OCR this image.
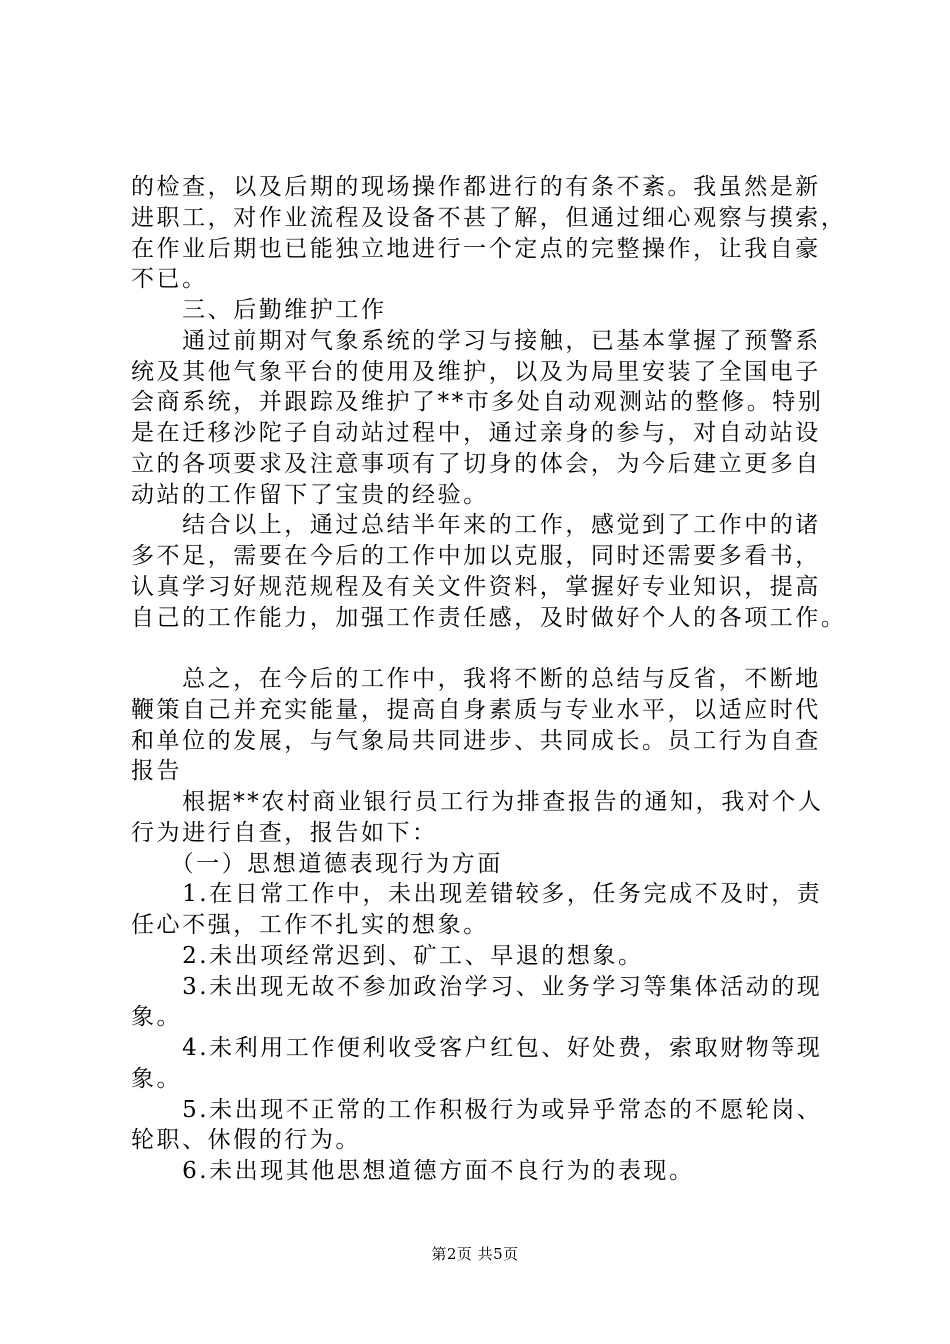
的检查，以及后期的现场操作都进行的有条不紊。我虽然是新
进职工，对作业流程及设备不甚了解，但通过细心观察与摸索，
在作业后期也已能独立地进行一个定点的完整操作，让我自豪
不已。
　　三、后勤维护工作
　　通过前期对气象系统的学习与接触，已基本掌握了预警系
统及其他气象平台的使用及维护，以及为局里安装了全国电子
会商系统，并跟踪及维护了**市多处自动观测站的整修。特别
是在迁移沙陀子自动站过程中，通过亲身的参与，对自动站设
立的各项要求及注意事项有了切身的体会，为今后建立更多自
动站的工作留下了宝贵的经验。
　　结合以上，通过总结半年来的工作，感觉到了工作中的诸
多不足，需要在今后的工作中加以克服，同时还需要多看书，
认真学习好规范规程及有关文件资料，掌握好专业知识，提高
自己的工作能力，加强工作责任感，及时做好个人的各项工作。
　　总之，在今后的工作中，我将不断的总结与反省，不断地
鞭策自己并充实能量，提高自身素质与专业水平，以适应时代
和单位的发展，与气象局共同进步、共同成长。员工行为自查
报告
　　根据**农村商业银行员工行为排查报告的通知，我对个人
行为进行自查，报告如下：
　　（一）思想道德表现行为方面
　　1.在日常工作中，未出现差错较多，任务完成不及时，责
任心不强，工作不扎实的想象。
　　2.未出项经常迟到、矿工、早退的想象。
　　3.未出现无故不参加政治学习、业务学习等集体活动的现
象。
　　4.未利用工作便利收受客户红包、好处费，索取财物等现
象。
　　5.未出现不正常的工作积极行为或异乎常态的不愿轮岗、
轮职、休假的行为。
　　6.未出现其他思想道德方面不良行为的表现。
第2页 共5页
